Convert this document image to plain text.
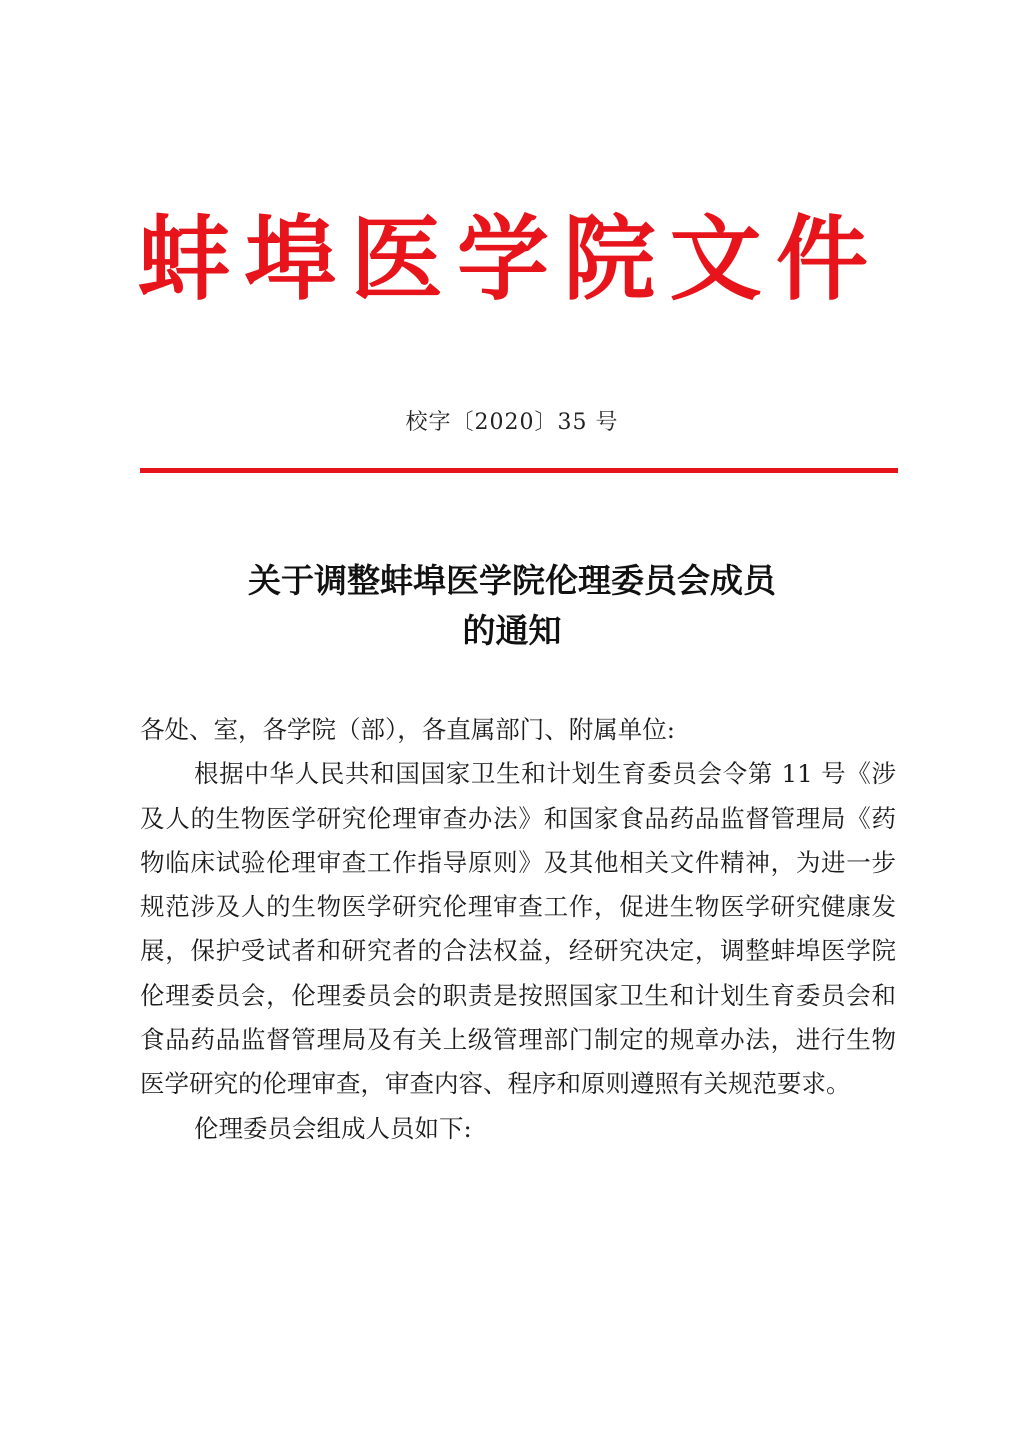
蚌 埠 医 学 院 文 件
校字〔2020〕35 号
关于调整蚌埠医学院伦理委员会成员
的通知

各处、室，各学院（部），各直属部门、附属单位:

根据中华人民共和国国家卫生和计划生育委员会令第 11 号《涉及人的生物医学研究伦理审查办法》和国家食品药品监督管理局《药物临床试验伦理审查工作指导原则》及其他相关文件精神，为进一步规范涉及人的生物医学研究伦理审查工作，促进生物医学研究健康发展，保护受试者和研究者的合法权益，经研究决定，调整蚌埠医学院伦理委员会，伦理委员会的职责是按照国家卫生和计划生育委员会和食品药品监督管理局及有关上级管理部门制定的规章办法，进行生物医学研究的伦理审查，审查内容、程序和原则遵照有关规范要求。

伦理委员会组成人员如下:
